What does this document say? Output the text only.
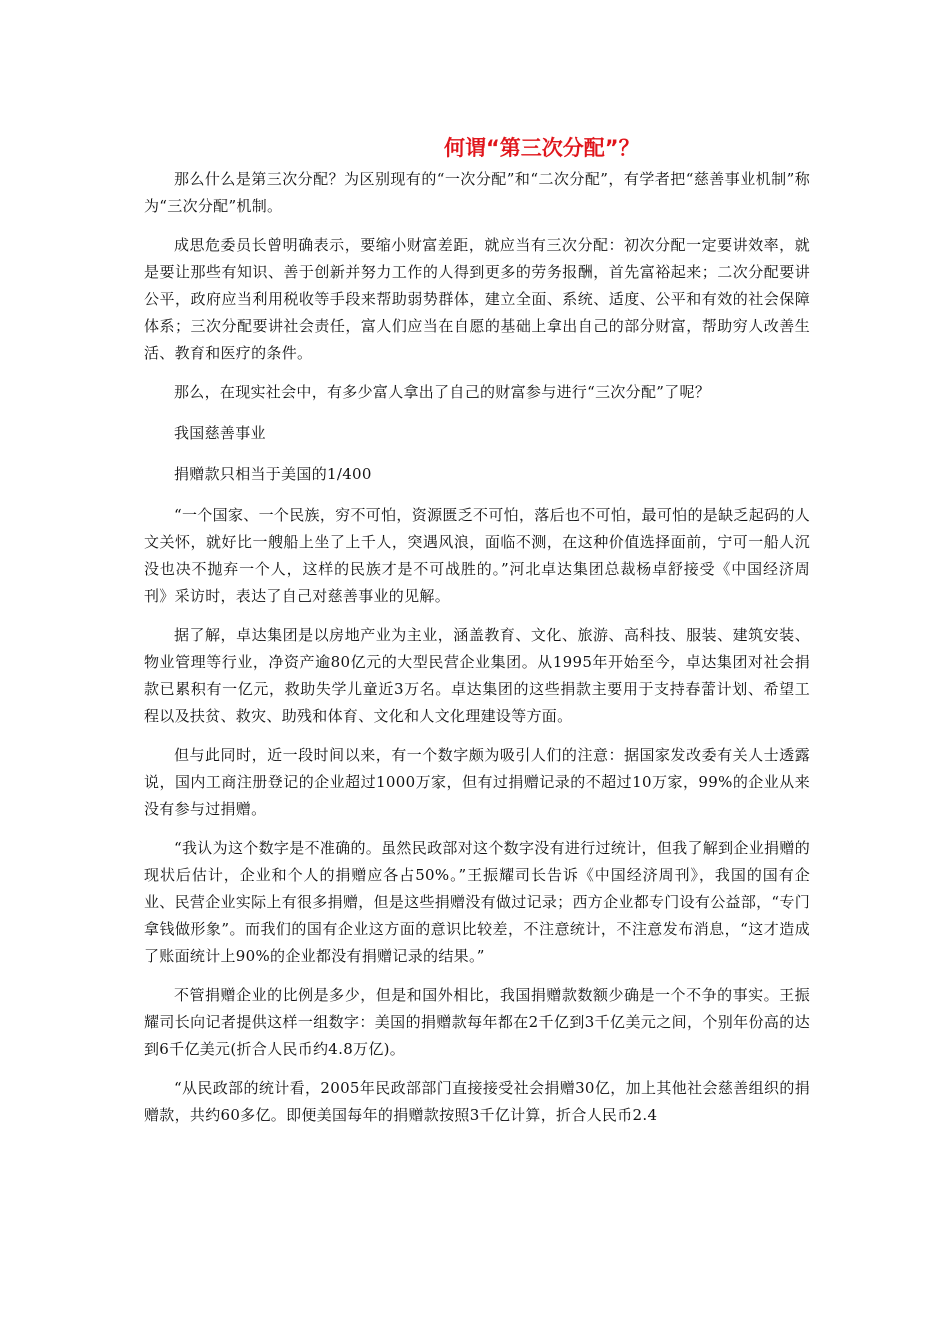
何谓“第三次分配”？

那么什么是第三次分配？为区别现有的“一次分配”和“二次分配”，有学者把“慈善事业机制”称为“三次分配”机制。

成思危委员长曾明确表示，要缩小财富差距，就应当有三次分配：初次分配一定要讲效率，就是要让那些有知识、善于创新并努力工作的人得到更多的劳务报酬，首先富裕起来；二次分配要讲公平，政府应当利用税收等手段来帮助弱势群体，建立全面、系统、适度、公平和有效的社会保障体系；三次分配要讲社会责任，富人们应当在自愿的基础上拿出自己的部分财富，帮助穷人改善生活、教育和医疗的条件。

那么，在现实社会中，有多少富人拿出了自己的财富参与进行“三次分配”了呢？

我国慈善事业

捐赠款只相当于美国的1/400

“一个国家、一个民族，穷不可怕，资源匮乏不可怕，落后也不可怕，最可怕的是缺乏起码的人文关怀，就好比一艘船上坐了上千人，突遇风浪，面临不测，在这种价值选择面前，宁可一船人沉没也决不抛弃一个人，这样的民族才是不可战胜的。”河北卓达集团总裁杨卓舒接受《中国经济周刊》采访时，表达了自己对慈善事业的见解。

据了解，卓达集团是以房地产业为主业，涵盖教育、文化、旅游、高科技、服装、建筑安装、物业管理等行业，净资产逾80亿元的大型民营企业集团。从1995年开始至今，卓达集团对社会捐款已累积有一亿元，救助失学儿童近3万名。卓达集团的这些捐款主要用于支持春蕾计划、希望工程以及扶贫、救灾、助残和体育、文化和人文化理建设等方面。

但与此同时，近一段时间以来，有一个数字颇为吸引人们的注意：据国家发改委有关人士透露说，国内工商注册登记的企业超过1000万家，但有过捐赠记录的不超过10万家，99%的企业从来没有参与过捐赠。

“我认为这个数字是不准确的。虽然民政部对这个数字没有进行过统计，但我了解到企业捐赠的现状后估计，企业和个人的捐赠应各占50%。”王振耀司长告诉《中国经济周刊》，我国的国有企业、民营企业实际上有很多捐赠，但是这些捐赠没有做过记录；西方企业都专门设有公益部，“专门拿钱做形象”。而我们的国有企业这方面的意识比较差，不注意统计，不注意发布消息，“这才造成了账面统计上90%的企业都没有捐赠记录的结果。”

不管捐赠企业的比例是多少，但是和国外相比，我国捐赠款数额少确是一个不争的事实。王振耀司长向记者提供这样一组数字：美国的捐赠款每年都在2千亿到3千亿美元之间，个别年份高的达到6千亿美元(折合人民币约4.8万亿)。

“从民政部的统计看，2005年民政部部门直接接受社会捐赠30亿，加上其他社会慈善组织的捐赠款，共约60多亿。即便美国每年的捐赠款按照3千亿计算，折合人民币2.4
